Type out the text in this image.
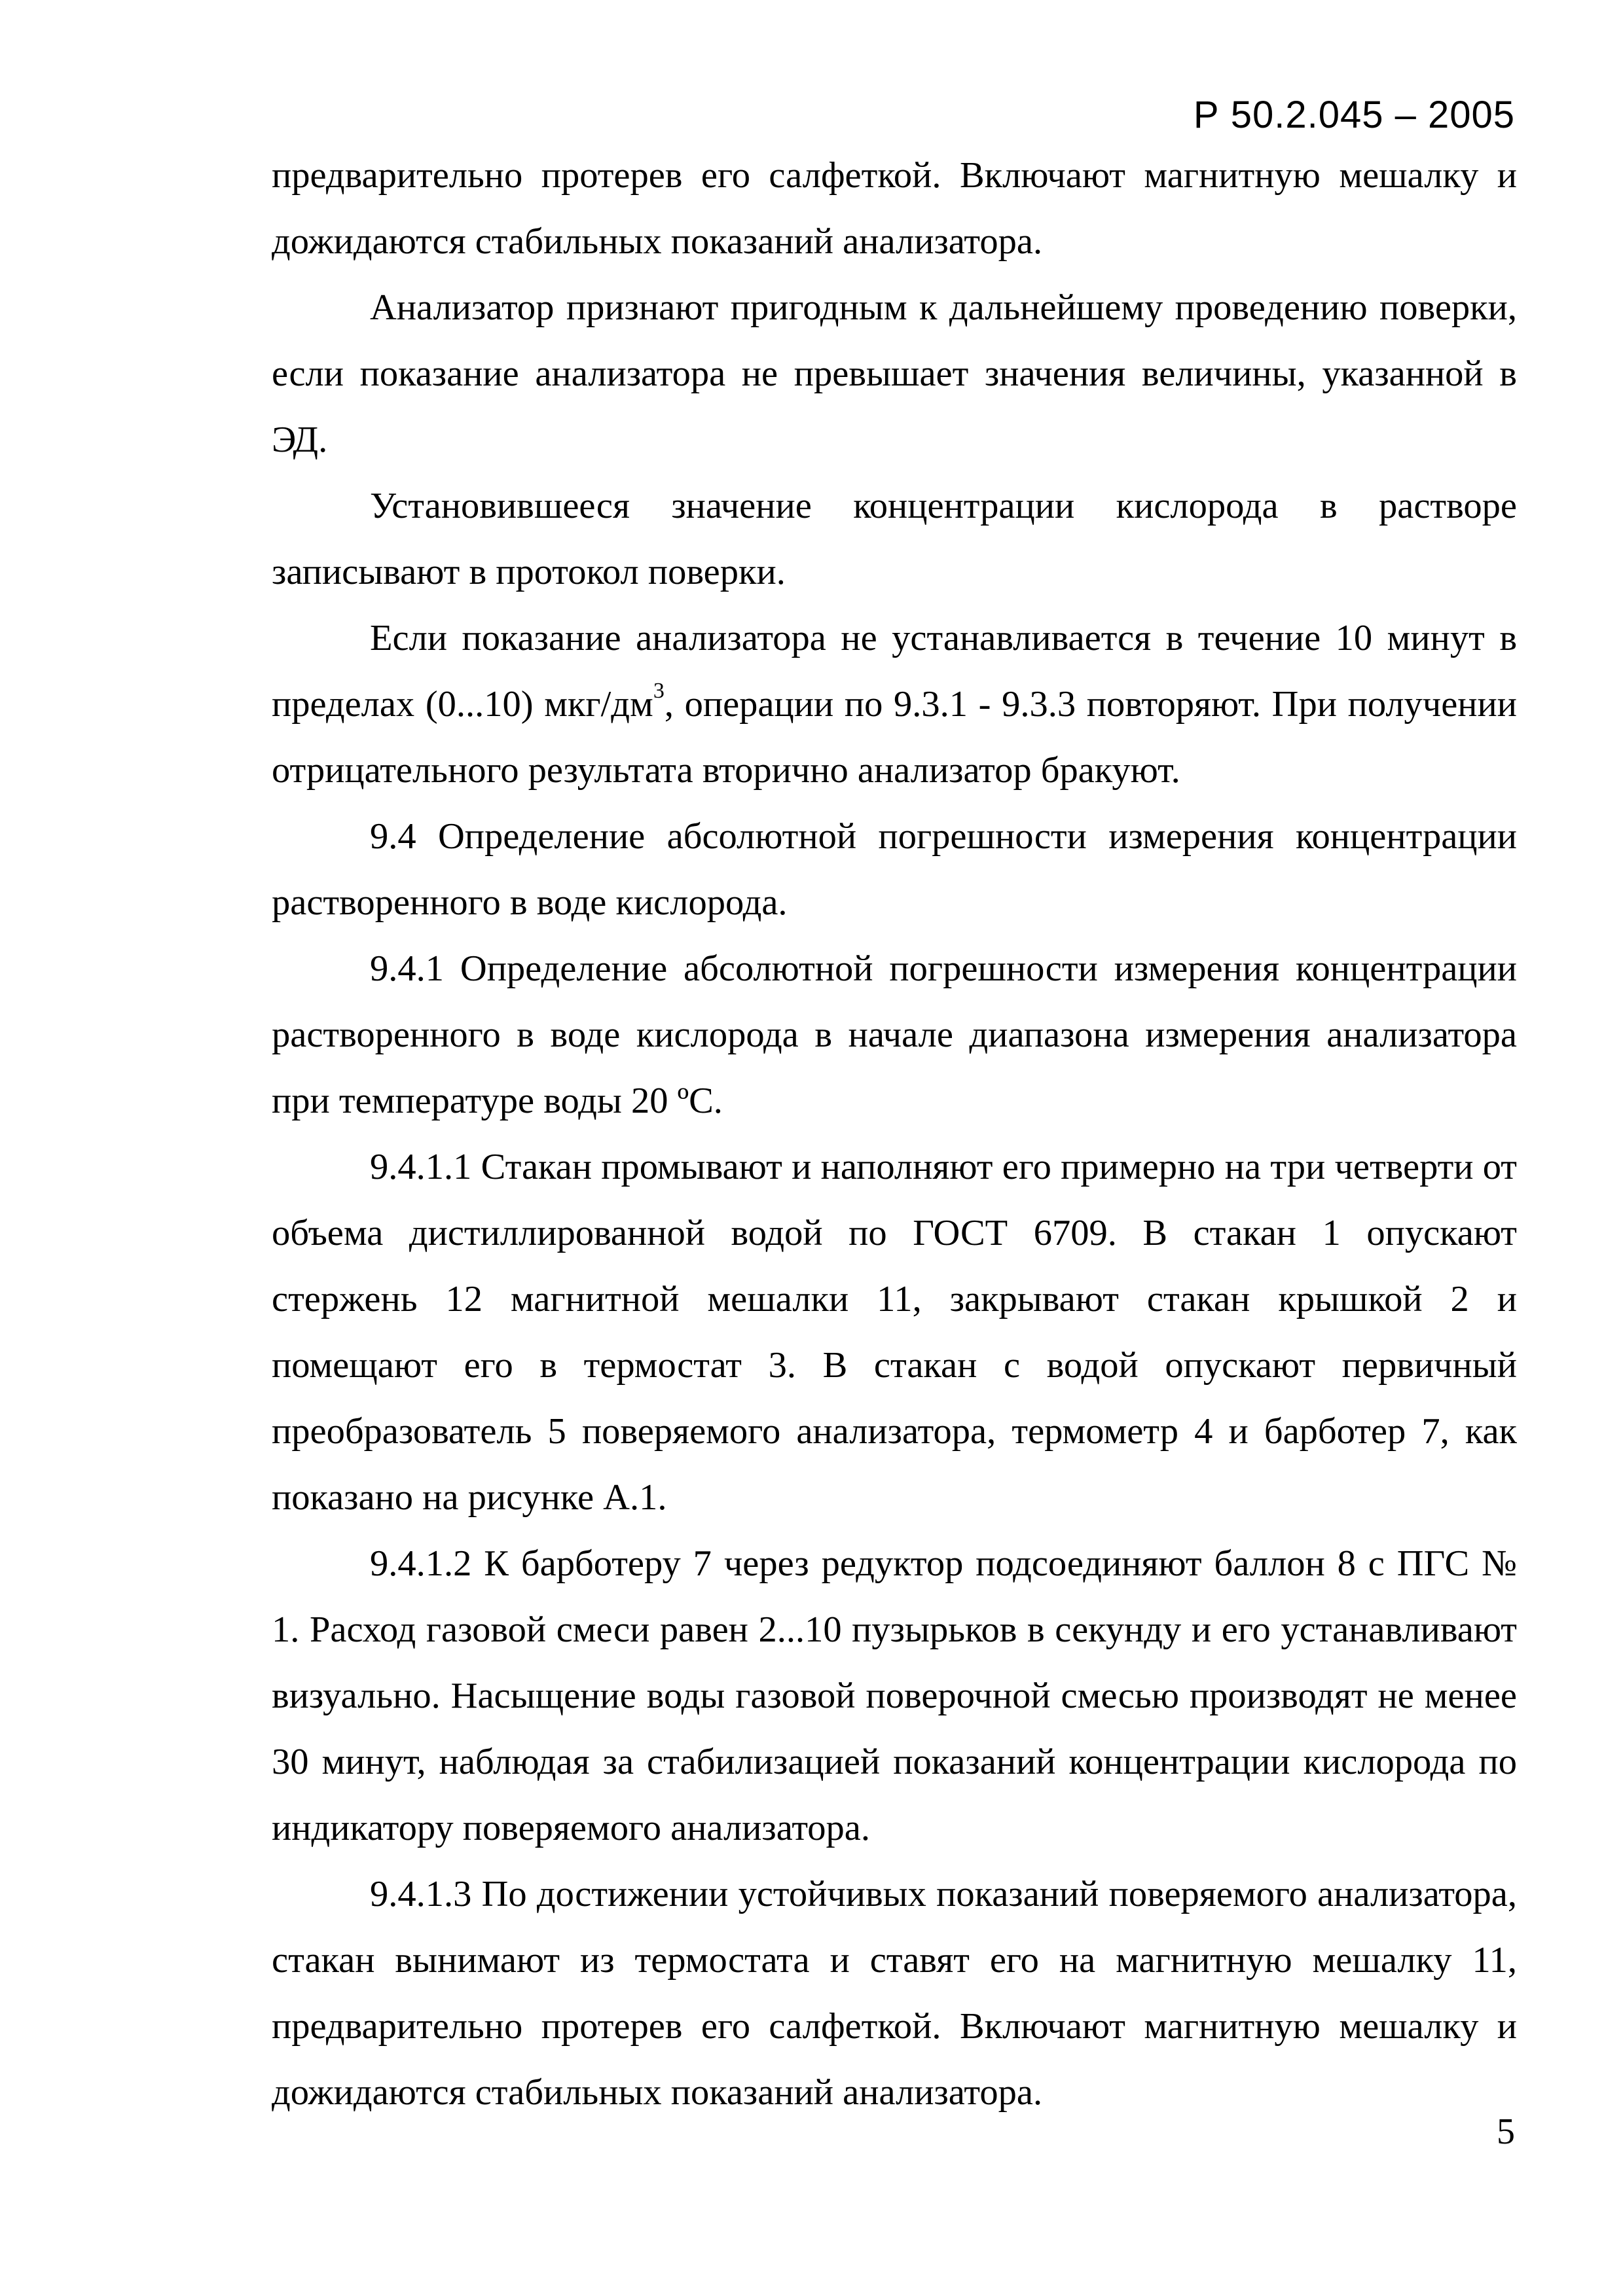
Р 50.2.045 – 2005

предварительно протерев его салфеткой. Включают магнитную мешалку и дожидаются стабильных показаний анализатора.

Анализатор признают пригодным к дальнейшему проведению поверки, если показание анализатора не превышает значения величины, указанной в ЭД.

Установившееся значение концентрации кислорода в растворе записывают в протокол поверки.

Если показание анализатора не устанавливается в течение 10 минут в пределах (0...10) мкг/$дм^3$, операции по 9.3.1 - 9.3.3 повторяют. При получении отрицательного результата вторично анализатор бракуют.

9.4 Определение абсолютной погрешности измерения концентрации растворенного в воде кислорода.

9.4.1 Определение абсолютной погрешности измерения концентрации растворенного в воде кислорода в начале диапазона измерения анализатора при температуре воды 20 ºС.

9.4.1.1 Стакан промывают и наполняют его примерно на три четверти от объема дистиллированной водой по ГОСТ 6709. В стакан 1 опускают стержень 12 магнитной мешалки 11, закрывают стакан крышкой 2 и помещают его в термостат 3. В стакан с водой опускают первичный преобразователь 5 поверяемого анализатора, термометр 4 и барботер 7, как показано на рисунке А.1.

9.4.1.2 К барботеру 7 через редуктор подсоединяют баллон 8 с ПГС № 1. Расход газовой смеси равен 2...10 пузырьков в секунду и его устанавливают визуально. Насыщение воды газовой поверочной смесью производят не менее 30 минут, наблюдая за стабилизацией показаний концентрации кислорода по индикатору поверяемого анализатора.

9.4.1.3 По достижении устойчивых показаний поверяемого анализатора, стакан вынимают из термостата и ставят его на магнитную мешалку 11, предварительно протерев его салфеткой. Включают магнитную мешалку и дожидаются стабильных показаний анализатора.

5
